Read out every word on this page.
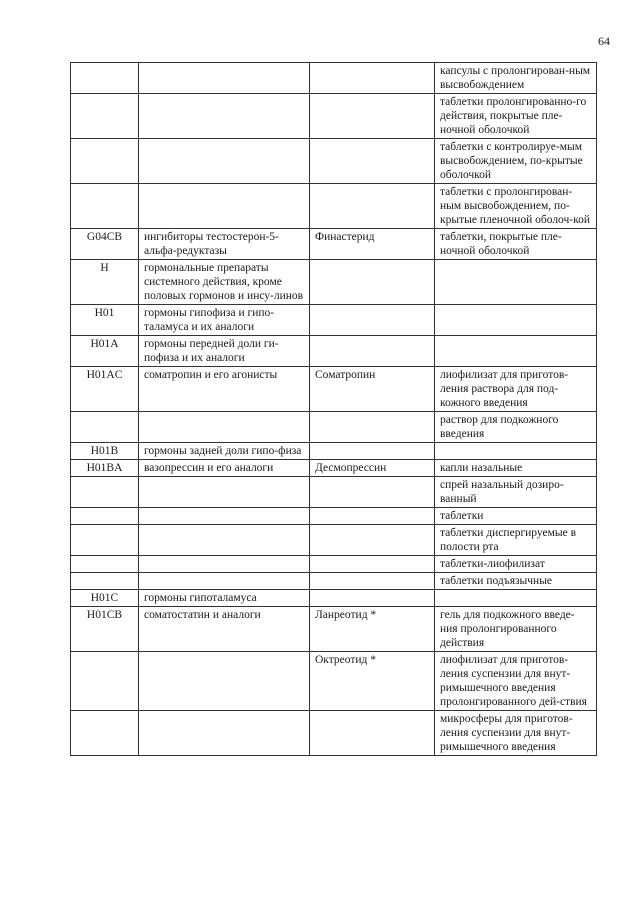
64
			капсулы с пролонгирован-ным высвобождением
			таблетки пролонгированно-го действия, покрытые пле-ночной оболочкой
			таблетки с контролируе-мым высвобождением, по-крытые оболочкой
			таблетки с пролонгирован-ным высвобождением, по-крытые пленочной оболоч-кой
G04CB	ингибиторы тестостерон-5-альфа-редуктазы	Финастерид	таблетки, покрытые пле-ночной оболочкой
H	гормональные препараты системного действия, кроме половых гормонов и инсу-линов		
H01	гормоны гипофиза и гипо-таламуса и их аналоги		
H01A	гормоны передней доли ги-пофиза и их аналоги		
H01AC	соматропин и его агонисты	Соматропин	лиофилизат для приготов-ления раствора для под-кожного введения
			раствор для подкожного введения
H01B	гормоны задней доли гипо-физа		
H01BA	вазопрессин и его аналоги	Десмопрессин	капли назальные
			спрей назальный дозиро-ванный
			таблетки
			таблетки диспергируемые в полости рта
			таблетки-лиофилизат
			таблетки подъязычные
H01C	гормоны гипоталамуса		
H01CB	соматостатин и аналоги	Ланреотид *	гель для подкожного введе-ния пролонгированного действия
		Октреотид *	лиофилизат для приготов-ления суспензии для внут-римышечного введения пролонгированного дей-ствия
			микросферы для приготов-ления суспензии для внут-римышечного введения
